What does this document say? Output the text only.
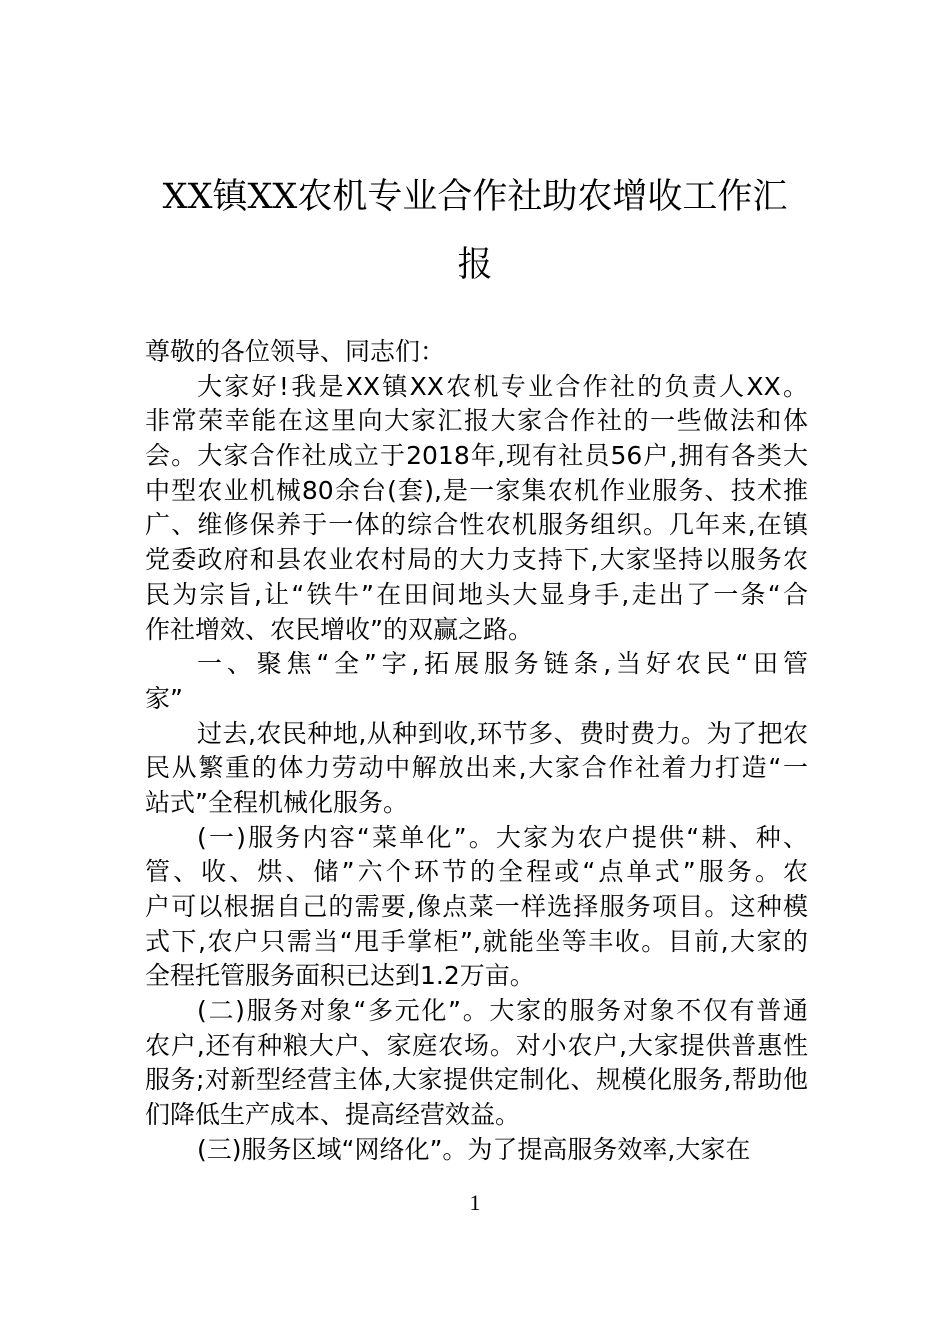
XX镇XX农机专业合作社助农增收工作汇
报
尊敬的各位领导、同志们：
大家好!我是XX镇XX农机专业合作社的负责人XX。
非常荣幸能在这里向大家汇报大家合作社的一些做法和体
会。大家合作社成立于2018年,现有社员56户,拥有各类大
中型农业机械80余台(套),是一家集农机作业服务、技术推
广、维修保养于一体的综合性农机服务组织。几年来,在镇
党委政府和县农业农村局的大力支持下,大家坚持以服务农
民为宗旨,让“铁牛”在田间地头大显身手,走出了一条“合
作社增效、农民增收”的双赢之路。
一、聚焦“全”字,拓展服务链条,当好农民“田管
家”
过去,农民种地,从种到收,环节多、费时费力。为了把农
民从繁重的体力劳动中解放出来,大家合作社着力打造“一
站式”全程机械化服务。
(一)服务内容“菜单化”。大家为农户提供“耕、种、
管、收、烘、储”六个环节的全程或“点单式”服务。农
户可以根据自己的需要,像点菜一样选择服务项目。这种模
式下,农户只需当“甩手掌柜”,就能坐等丰收。目前,大家的
全程托管服务面积已达到1.2万亩。
(二)服务对象“多元化”。大家的服务对象不仅有普通
农户,还有种粮大户、家庭农场。对小农户,大家提供普惠性
服务;对新型经营主体,大家提供定制化、规模化服务,帮助他
们降低生产成本、提高经营效益。
(三)服务区域“网络化”。为了提高服务效率,大家在
1
